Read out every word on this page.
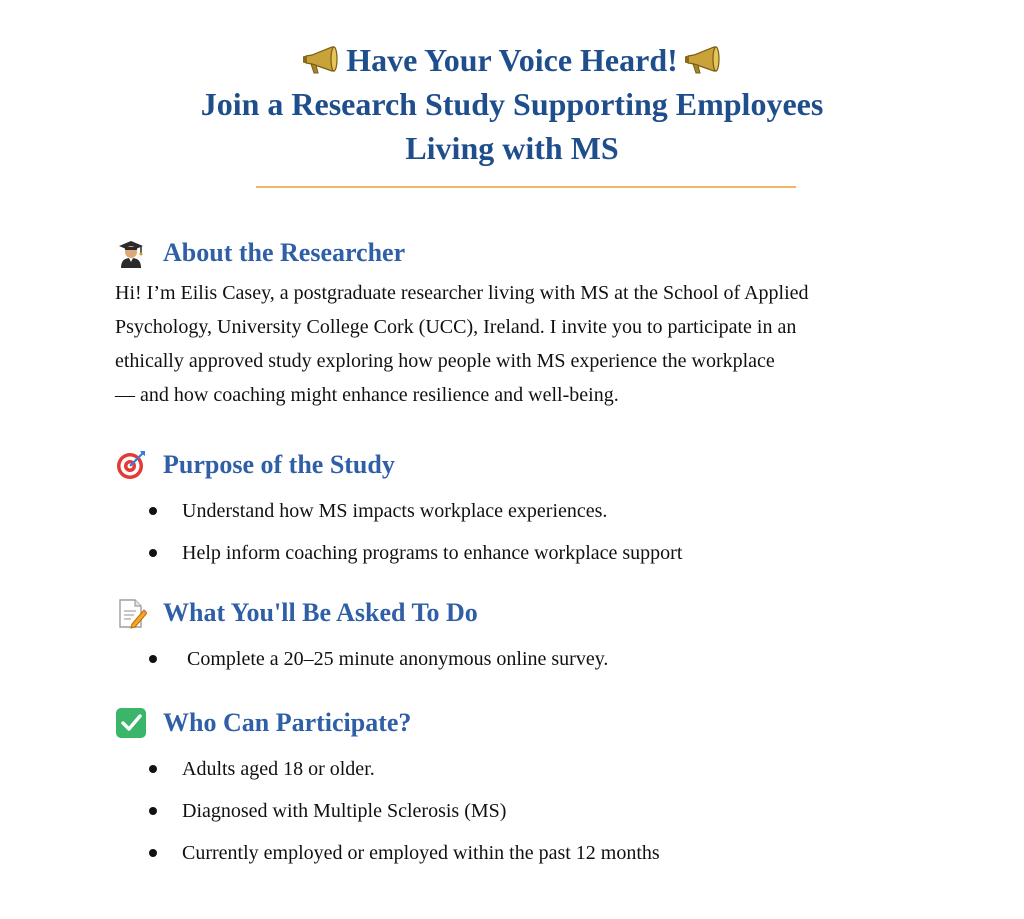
Have Your Voice Heard!
Join a Research Study Supporting Employees
Living with MS
About the Researcher
Hi! I’m Eilis Casey, a postgraduate researcher living with MS at the School of Applied
Psychology, University College Cork (UCC), Ireland. I invite you to participate in an
ethically approved study exploring how people with MS experience the workplace
— and how coaching might enhance resilience and well-being.
Purpose of the Study
Understand how MS impacts workplace experiences.
Help inform coaching programs to enhance workplace support
What You'll Be Asked To Do
Complete a 20–25 minute anonymous online survey.
Who Can Participate?
Adults aged 18 or older.
Diagnosed with Multiple Sclerosis (MS)
Currently employed or employed within the past 12 months
